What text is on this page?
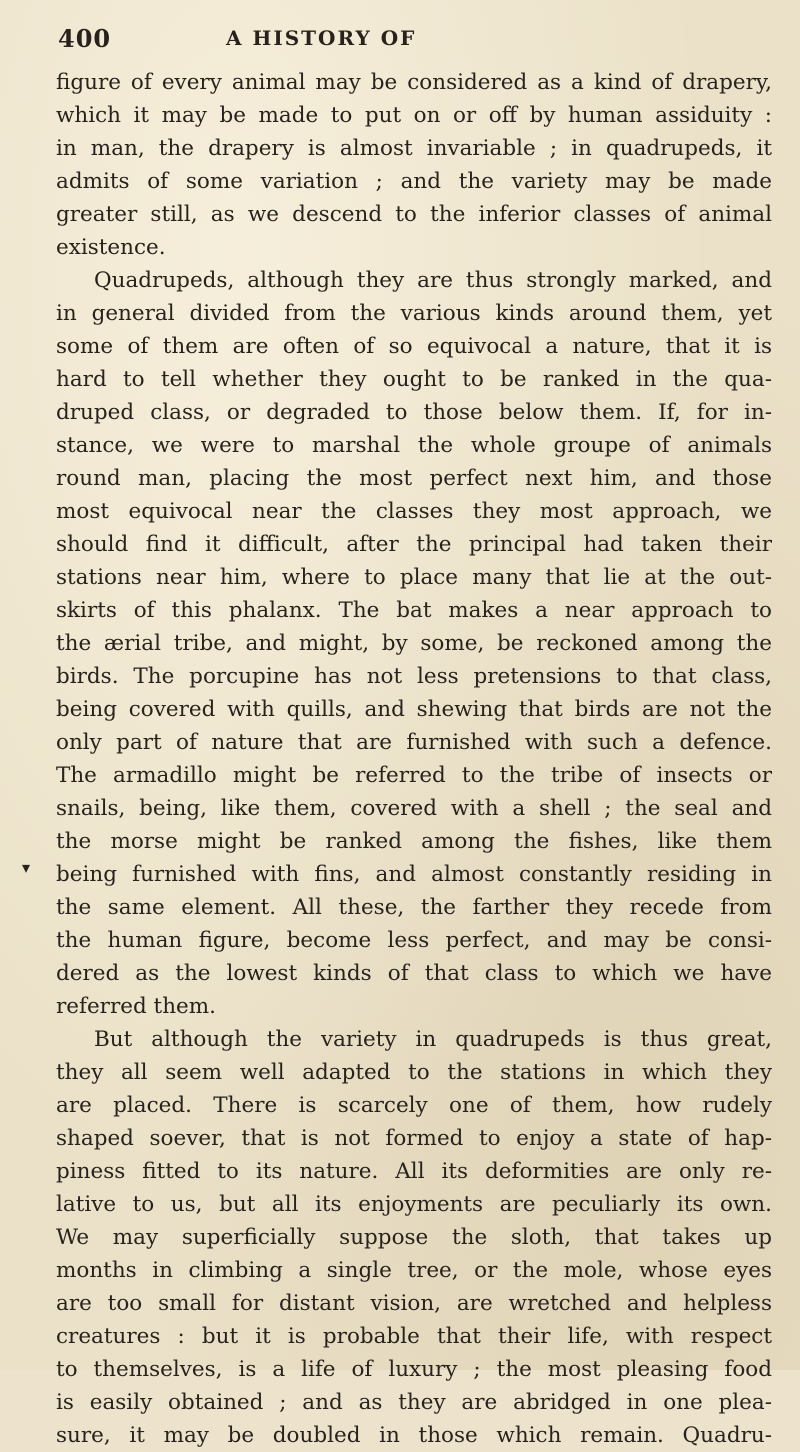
400	A HISTORY OF
▾
figure of every animal may be considered as a kind of drapery,
which it may be made to put on or off by human assiduity :
in man, the drapery is almost invariable ; in quadrupeds, it
admits of some variation ; and the variety may be made
greater still, as we descend to the inferior classes of animal
existence.
Quadrupeds, although they are thus strongly marked, and
in general divided from the various kinds around them, yet
some of them are often of so equivocal a nature, that it is
hard to tell whether they ought to be ranked in the qua-
druped class, or degraded to those below them. If, for in-
stance, we were to marshal the whole groupe of animals
round man, placing the most perfect next him, and those
most equivocal near the classes they most approach, we
should find it difficult, after the principal had taken their
stations near him, where to place many that lie at the out-
skirts of this phalanx. The bat makes a near approach to
the ærial tribe, and might, by some, be reckoned among the
birds. The porcupine has not less pretensions to that class,
being covered with quills, and shewing that birds are not the
only part of nature that are furnished with such a defence.
The armadillo might be referred to the tribe of insects or
snails, being, like them, covered with a shell ; the seal and
the morse might be ranked among the fishes, like them
being furnished with fins, and almost constantly residing in
the same element. All these, the farther they recede from
the human figure, become less perfect, and may be consi-
dered as the lowest kinds of that class to which we have
referred them.
But although the variety in quadrupeds is thus great,
they all seem well adapted to the stations in which they
are placed. There is scarcely one of them, how rudely
shaped soever, that is not formed to enjoy a state of hap-
piness fitted to its nature. All its deformities are only re-
lative to us, but all its enjoyments are peculiarly its own.
We may superficially suppose the sloth, that takes up
months in climbing a single tree, or the mole, whose eyes
are too small for distant vision, are wretched and helpless
creatures : but it is probable that their life, with respect
to themselves, is a life of luxury ; the most pleasing food
is easily obtained ; and as they are abridged in one plea-
sure, it may be doubled in those which remain. Quadru-
